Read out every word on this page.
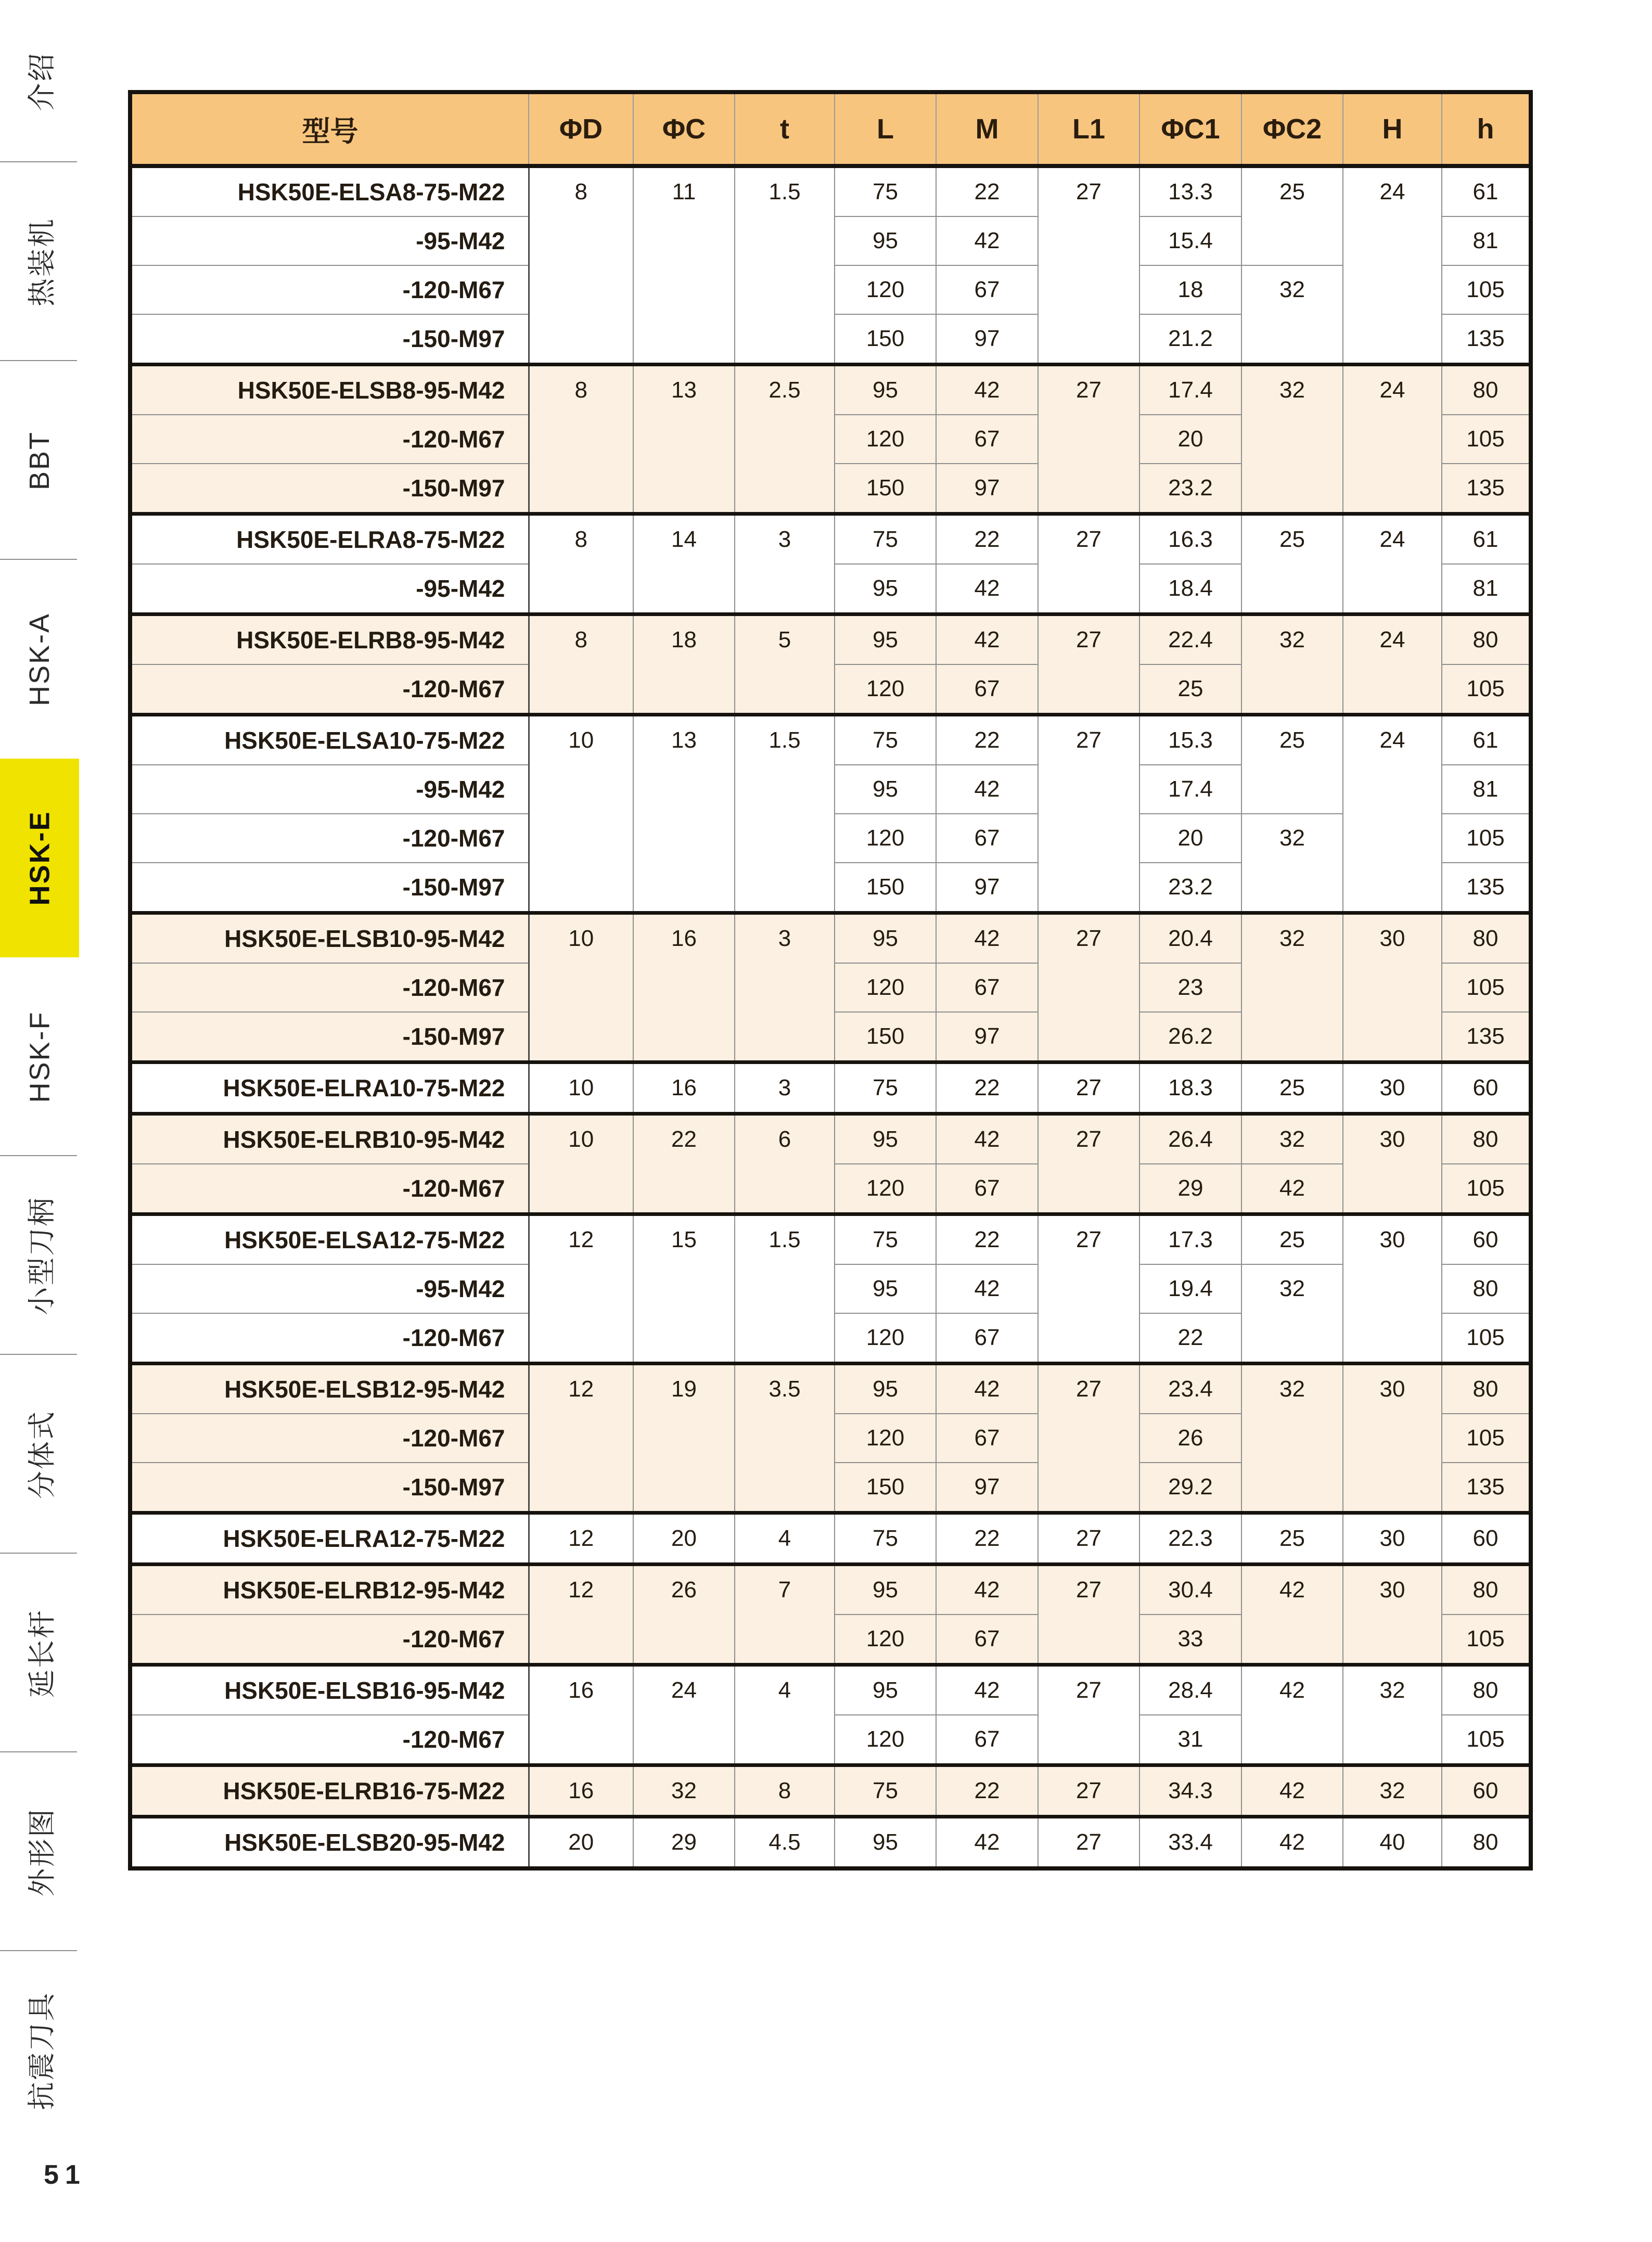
介绍
热装机
BBT
HSK-A
HSK-E
HSK-F
小型刀柄
分体式
延长杆
外形图
抗震刀具
51
型号	ΦD	ΦC	t	L	M	L1	ΦC1	ΦC2	H	h

HSK50E-ELSA8-75-M22	8	11	1.5	75	22	27	13.3	25	24	61

-95-M42				95	42		15.4			81

-120-M67				120	67		18	32		105

-150-M97				150	97		21.2			135

HSK50E-ELSB8-95-M42	8	13	2.5	95	42	27	17.4	32	24	80

-120-M67				120	67		20			105

-150-M97				150	97		23.2			135

HSK50E-ELRA8-75-M22	8	14	3	75	22	27	16.3	25	24	61

-95-M42				95	42		18.4			81

HSK50E-ELRB8-95-M42	8	18	5	95	42	27	22.4	32	24	80

-120-M67				120	67		25			105

HSK50E-ELSA10-75-M22	10	13	1.5	75	22	27	15.3	25	24	61

-95-M42				95	42		17.4			81

-120-M67				120	67		20	32		105

-150-M97				150	97		23.2			135

HSK50E-ELSB10-95-M42	10	16	3	95	42	27	20.4	32	30	80

-120-M67				120	67		23			105

-150-M97				150	97		26.2			135

HSK50E-ELRA10-75-M22	10	16	3	75	22	27	18.3	25	30	60

HSK50E-ELRB10-95-M42	10	22	6	95	42	27	26.4	32	30	80

-120-M67				120	67		29	42		105

HSK50E-ELSA12-75-M22	12	15	1.5	75	22	27	17.3	25	30	60

-95-M42				95	42		19.4	32		80

-120-M67				120	67		22			105

HSK50E-ELSB12-95-M42	12	19	3.5	95	42	27	23.4	32	30	80

-120-M67				120	67		26			105

-150-M97				150	97		29.2			135

HSK50E-ELRA12-75-M22	12	20	4	75	22	27	22.3	25	30	60

HSK50E-ELRB12-95-M42	12	26	7	95	42	27	30.4	42	30	80

-120-M67				120	67		33			105

HSK50E-ELSB16-95-M42	16	24	4	95	42	27	28.4	42	32	80

-120-M67				120	67		31			105

HSK50E-ELRB16-75-M22	16	32	8	75	22	27	34.3	42	32	60

HSK50E-ELSB20-95-M42	20	29	4.5	95	42	27	33.4	42	40	80
